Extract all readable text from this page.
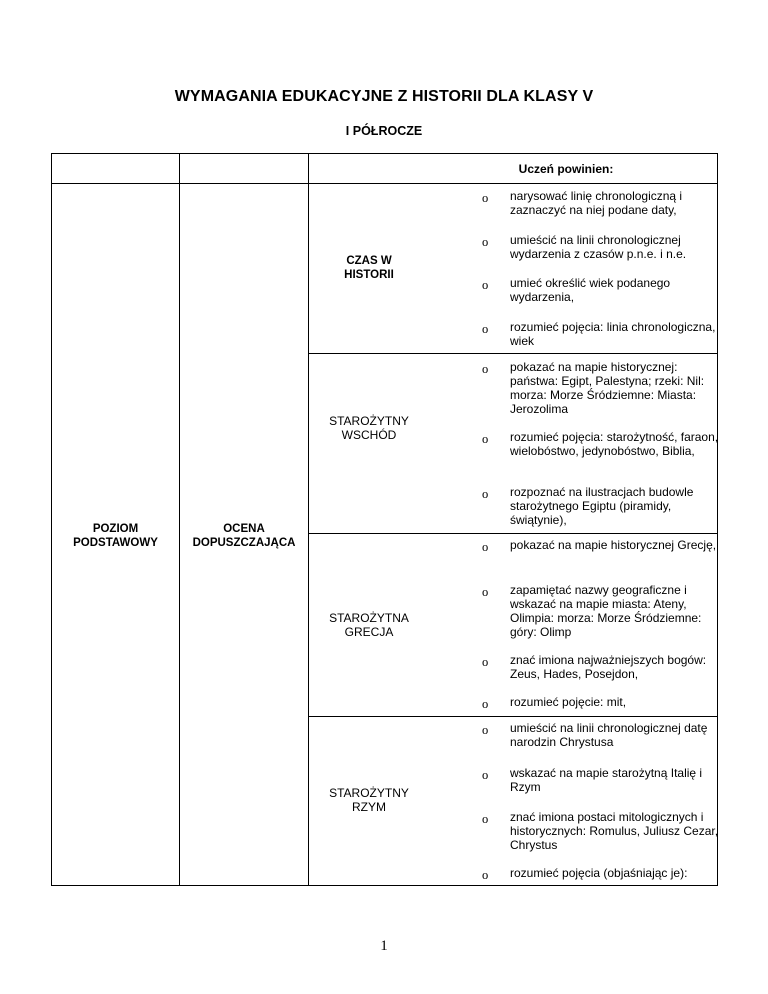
WYMAGANIA EDUKACYJNE Z HISTORII DLA KLASY V
I PÓŁROCZE
Uczeń powinien:
POZIOM
PODSTAWOWY
OCENA
DOPUSZCZAJĄCA
CZAS W
HISTORII
STAROŻYTNY
WSCHÓD
STAROŻYTNA
GRECJA
STAROŻYTNY
RZYM
o narysować linię chronologiczną i zaznaczyć na niej podane daty,
o umieścić na linii chronologicznej wydarzenia z czasów p.n.e. i n.e.
o umieć określić wiek podanego wydarzenia,
o rozumieć pojęcia: linia chronologiczna, wiek
o pokazać na mapie historycznej: państwa: Egipt, Palestyna; rzeki: Nil: morza: Morze Śródziemne: Miasta: Jerozolima
o rozumieć pojęcia: starożytność, faraon, wielobóstwo, jedynobóstwo, Biblia,
o rozpoznać na ilustracjach budowle starożytnego Egiptu (piramidy, świątynie),
o pokazać na mapie historycznej Grecję,
o zapamiętać nazwy geograficzne i wskazać na mapie miasta: Ateny, Olimpia: morza: Morze Śródziemne: góry: Olimp
o znać imiona najważniejszych bogów: Zeus, Hades, Posejdon,
o rozumieć pojęcie: mit,
o umieścić na linii chronologicznej datę narodzin Chrystusa
o wskazać na mapie starożytną Italię i Rzym
o znać imiona postaci mitologicznych i historycznych: Romulus, Juliusz Cezar, Chrystus
o rozumieć pojęcia (objaśniając je):
1
